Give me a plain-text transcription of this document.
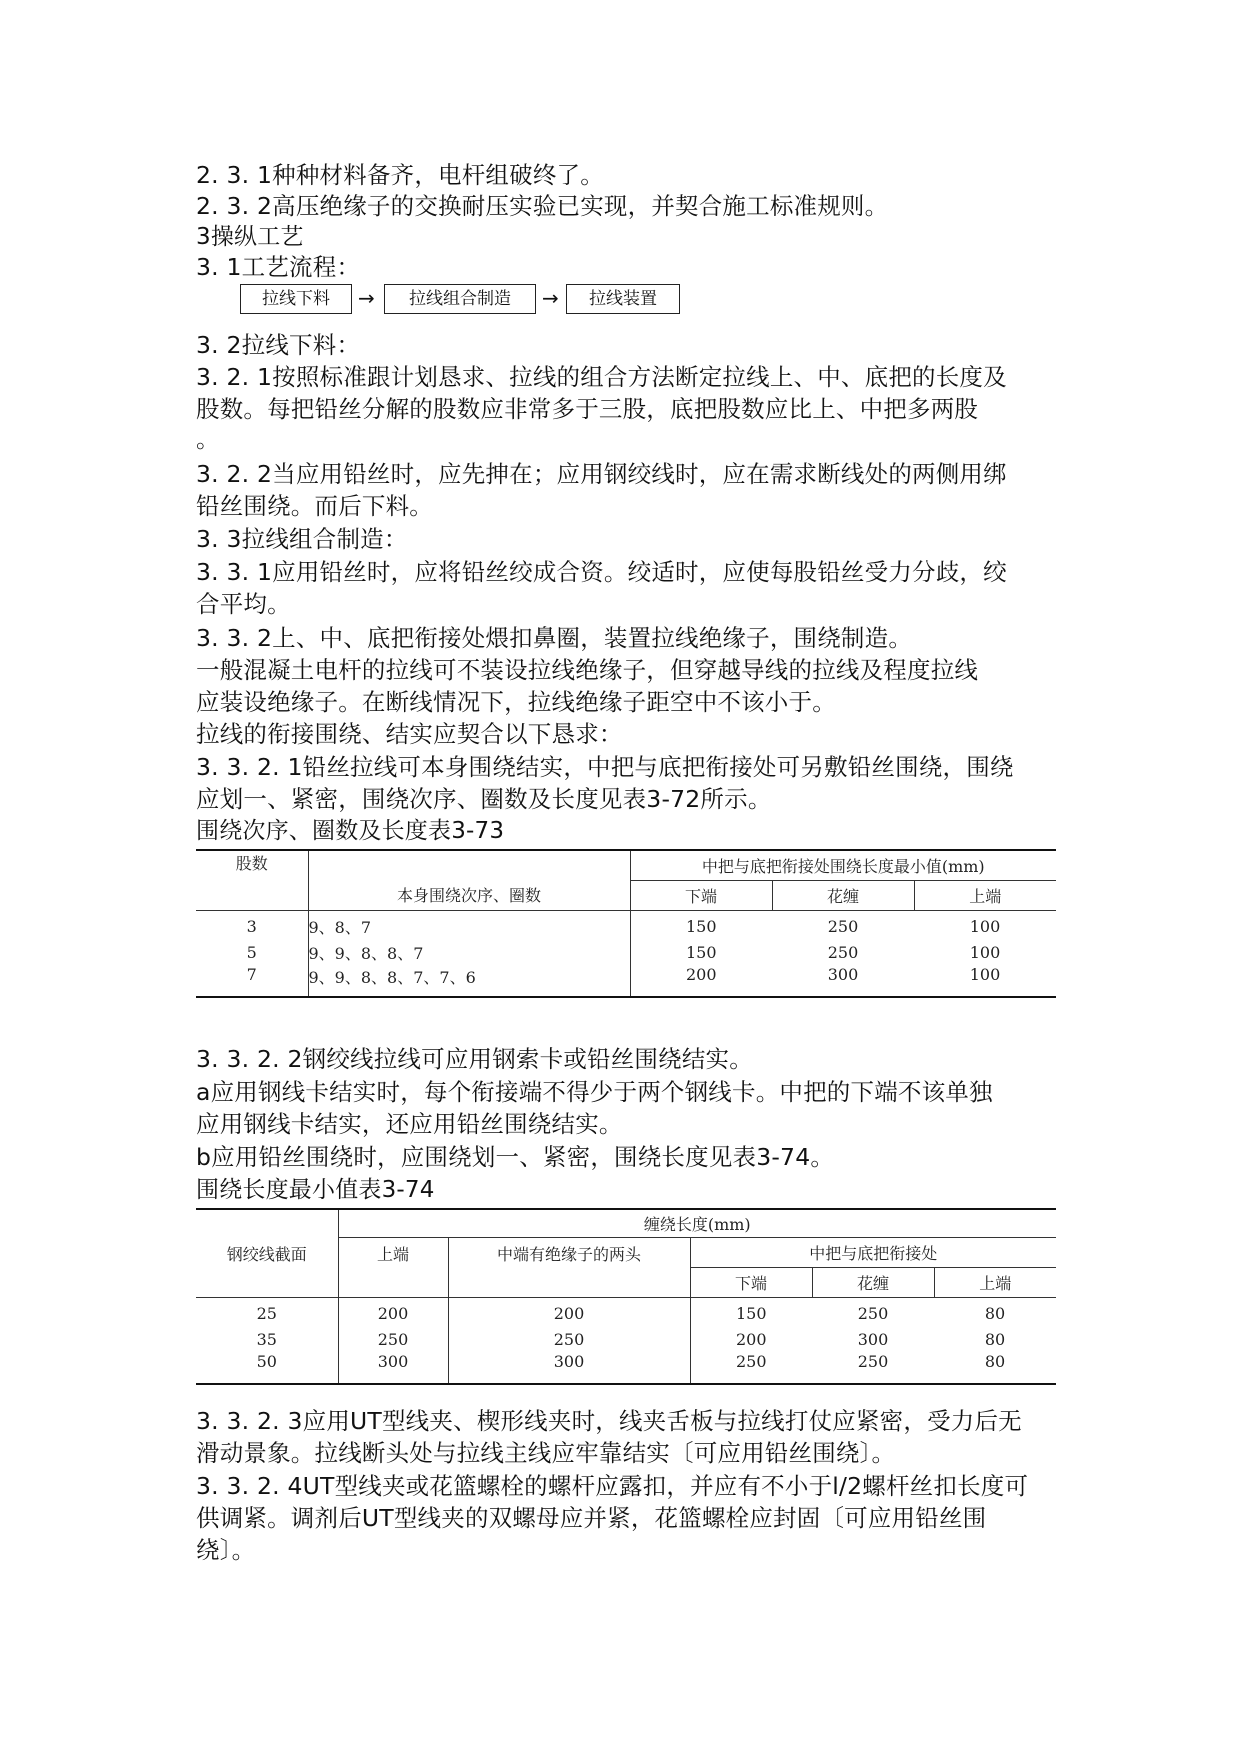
2. 3. 1种种材料备齐，电杆组破终了。
2. 3. 2高压绝缘子的交换耐压实验已实现，并契合施工标准规则。
3操纵工艺
3. 1工艺流程：
拉线下料	→	拉线组合制造	→	拉线装置
3. 2拉线下料：
3. 2. 1按照标准跟计划恳求、拉线的组合方法断定拉线上、中、底把的长度及
股数。每把铅丝分解的股数应非常多于三股，底把股数应比上、中把多两股
。
3. 2. 2当应用铅丝时，应先抻在；应用钢绞线时，应在需求断线处的两侧用绑
铅丝围绕。而后下料。
3. 3拉线组合制造：
3. 3. 1应用铅丝时，应将铅丝绞成合资。绞适时，应使每股铅丝受力分歧，绞
合平均。
3. 3. 2上、中、底把衔接处煨扣鼻圈，装置拉线绝缘子，围绕制造。
一般混凝土电杆的拉线可不装设拉线绝缘子，但穿越导线的拉线及程度拉线
应装设绝缘子。在断线情况下，拉线绝缘子距空中不该小于。
拉线的衔接围绕、结实应契合以下恳求：
3. 3. 2. 1铅丝拉线可本身围绕结实，中把与底把衔接处可另敷铅丝围绕，围绕
应划一、紧密，围绕次序、圈数及长度见表3-72所示。
围绕次序、圈数及长度表3-73
股数	本身围绕次序、圈数	中把与底把衔接处围绕长度最小值(mm)		
		下端	花缠	上端
3	9、8、7	150	250	100
5	9、9、8、8、7	150	250	100
7	9、9、8、8、7、7、6	200	300	100
3. 3. 2. 2钢绞线拉线可应用钢索卡或铅丝围绕结实。
a应用钢线卡结实时，每个衔接端不得少于两个钢线卡。中把的下端不该单独
应用钢线卡结实，还应用铅丝围绕结实。
b应用铅丝围绕时，应围绕划一、紧密，围绕长度见表3-74。
围绕长度最小值表3-74
钢绞线截面	缠绕长度(mm)				
	上端	中端有绝缘子的两头	中把与底把衔接处		
			下端	花缠	上端
25	200	200	150	250	80
35	250	250	200	300	80
50	300	300	250	250	80
3. 3. 2. 3应用UT型线夹、楔形线夹时，线夹舌板与拉线打仗应紧密，受力后无
滑动景象。拉线断头处与拉线主线应牢靠结实〔可应用铅丝围绕〕。
3. 3. 2. 4UT型线夹或花篮螺栓的螺杆应露扣，并应有不小于l/2螺杆丝扣长度可
供调紧。调剂后UT型线夹的双螺母应并紧，花篮螺栓应封固〔可应用铅丝围
绕〕。
